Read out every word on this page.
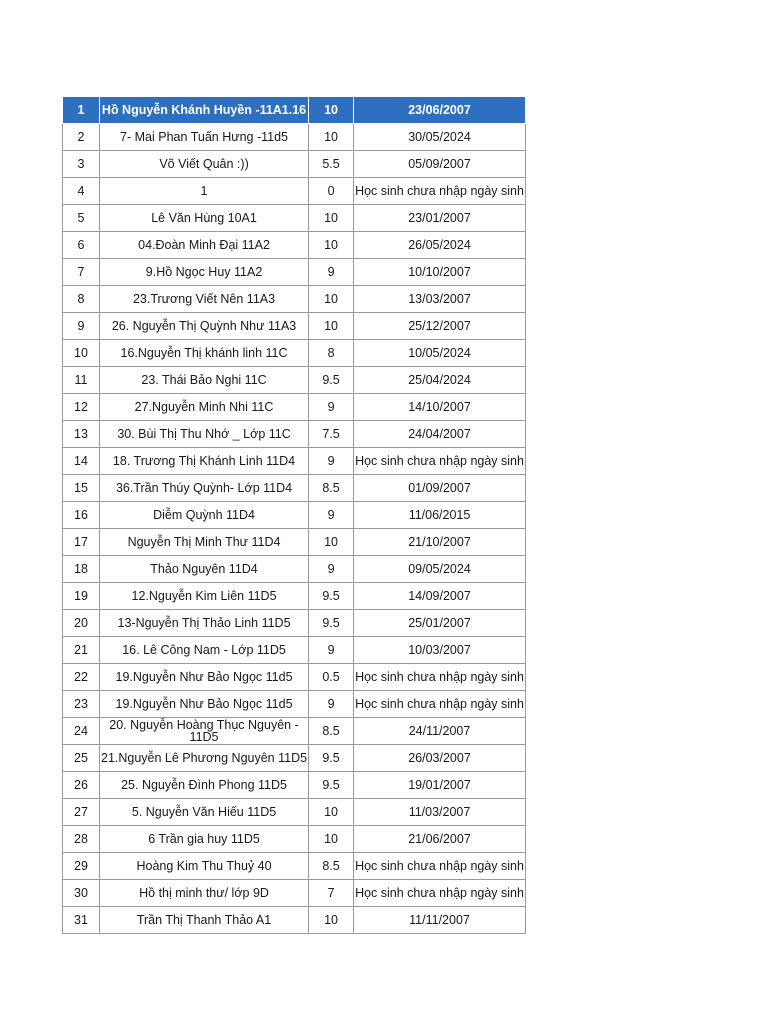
1	Hồ Nguyễn Khánh Huyền -11A1.16	10	23/06/2007
2	7- Mai Phan Tuấn Hưng -11d5	10	30/05/2024
3	Võ Viết Quân :))	5.5	05/09/2007
4	1	0	Học sinh chưa nhập ngày sinh
5	Lê Văn Hùng 10A1	10	23/01/2007
6	04.Đoàn Minh Đại 11A2	10	26/05/2024
7	9.Hồ Ngọc Huy 11A2	9	10/10/2007
8	23.Trương Viết Nên 11A3	10	13/03/2007
9	26. Nguyễn Thị Quỳnh Như 11A3	10	25/12/2007
10	16.Nguyễn Thị khánh linh 11C	8	10/05/2024
11	23. Thái Bảo Nghi 11C	9.5	25/04/2024
12	27.Nguyễn Minh Nhi 11C	9	14/10/2007
13	30. Bùi Thị Thu Nhớ _ Lớp 11C	7.5	24/04/2007
14	18. Trương Thị Khánh Linh 11D4	9	Học sinh chưa nhập ngày sinh
15	36.Trần Thúy Quỳnh- Lớp 11D4	8.5	01/09/2007
16	Diễm Quỳnh 11D4	9	11/06/2015
17	Nguyễn Thị Minh Thư 11D4	10	21/10/2007
18	Thảo Nguyên 11D4	9	09/05/2024
19	12.Nguyễn Kim Liên 11D5	9.5	14/09/2007
20	13-Nguyễn Thị Thảo Linh 11D5	9.5	25/01/2007
21	16. Lê Công Nam - Lớp 11D5	9	10/03/2007
22	19.Nguyễn Như Bảo Ngọc 11d5	0.5	Học sinh chưa nhập ngày sinh
23	19.Nguyễn Như Bảo Ngọc 11d5	9	Học sinh chưa nhập ngày sinh
24	20. Nguyễn Hoàng Thục Nguyên - 11D5	8.5	24/11/2007
25	21.Nguyễn Lê Phương Nguyên 11D5	9.5	26/03/2007
26	25. Nguyễn Đình Phong 11D5	9.5	19/01/2007
27	5. Nguyễn Văn Hiếu 11D5	10	11/03/2007
28	6 Trần gia huy 11D5	10	21/06/2007
29	Hoàng Kim Thu Thuỷ 40	8.5	Học sinh chưa nhập ngày sinh
30	Hồ thị minh thư/ lớp 9D	7	Học sinh chưa nhập ngày sinh
31	Trần Thị Thanh Thảo A1	10	11/11/2007
